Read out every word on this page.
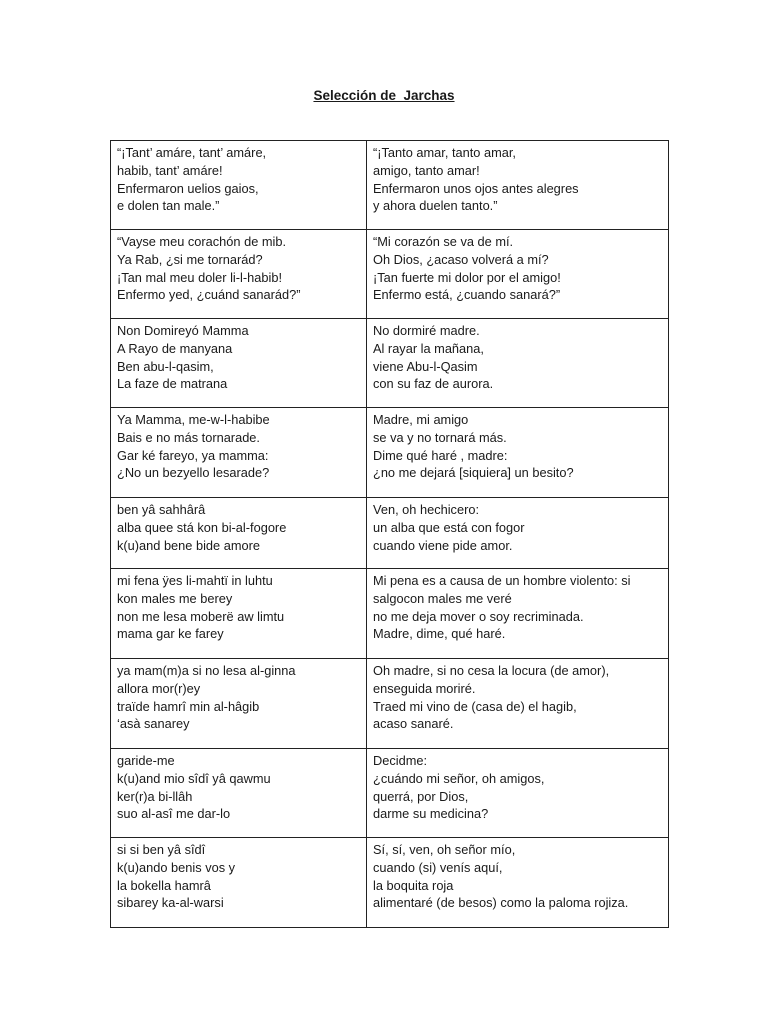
Selección de  Jarchas
“¡Tant’ amáre, tant’ amáre,
habib, tant’ amáre!
Enfermaron uelios gaios,
e dolen tan male.”	“¡Tanto amar, tanto amar,
amigo, tanto amar!
Enfermaron unos ojos antes alegres
y ahora duelen tanto.”

“Vayse meu corachón de mib.
Ya Rab, ¿si me tornarád?
¡Tan mal meu doler li-l-habib!
Enfermo yed, ¿cuánd sanarád?”	“Mi corazón se va de mí.
Oh Dios, ¿acaso volverá a mí?
¡Tan fuerte mi dolor por el amigo!
Enfermo está, ¿cuando sanará?”

Non Domireyó Mamma
A Rayo de manyana
Ben abu-l-qasim,
La faze de matrana	No dormiré madre.
Al rayar la mañana,
viene Abu-l-Qasim
con su faz de aurora.

Ya Mamma, me-w-l-habibe
Bais e no más tornarade.
Gar ké fareyo, ya mamma:
¿No un bezyello lesarade?	Madre, mi amigo
se va y no tornará más.
Dime qué haré , madre:
¿no me dejará [siquiera] un besito?

ben yâ sahhârâ
alba quee stá kon bi-al-fogore
k(u)and bene bide amore	Ven, oh hechicero:
un alba que está con fogor
cuando viene pide amor.

mi fena ÿes li-mahtï in luhtu
kon males me berey
non me lesa moberë aw limtu
mama gar ke farey	Mi pena es a causa de un hombre violento: si
salgocon males me veré
no me deja mover o soy recriminada.
Madre, dime, qué haré.

ya mam(m)a si no lesa al-ginna
allora mor(r)ey
traïde hamrî min al-hâgib
‘asà sanarey	Oh madre, si no cesa la locura (de amor),
enseguida moriré.
Traed mi vino de (casa de) el hagib,
acaso sanaré.

garide-me
k(u)and mio sîdî yâ qawmu
ker(r)a bi-llâh
suo al-asî me dar-lo	Decidme:
¿cuándo mi señor, oh amigos,
querrá, por Dios,
darme su medicina?

si si ben yâ sîdî
k(u)ando benis vos y
la bokella hamrâ
sibarey ka-al-warsi	Sí, sí, ven, oh señor mío,
cuando (si) venís aquí,
la boquita roja
alimentaré (de besos) como la paloma rojiza.
